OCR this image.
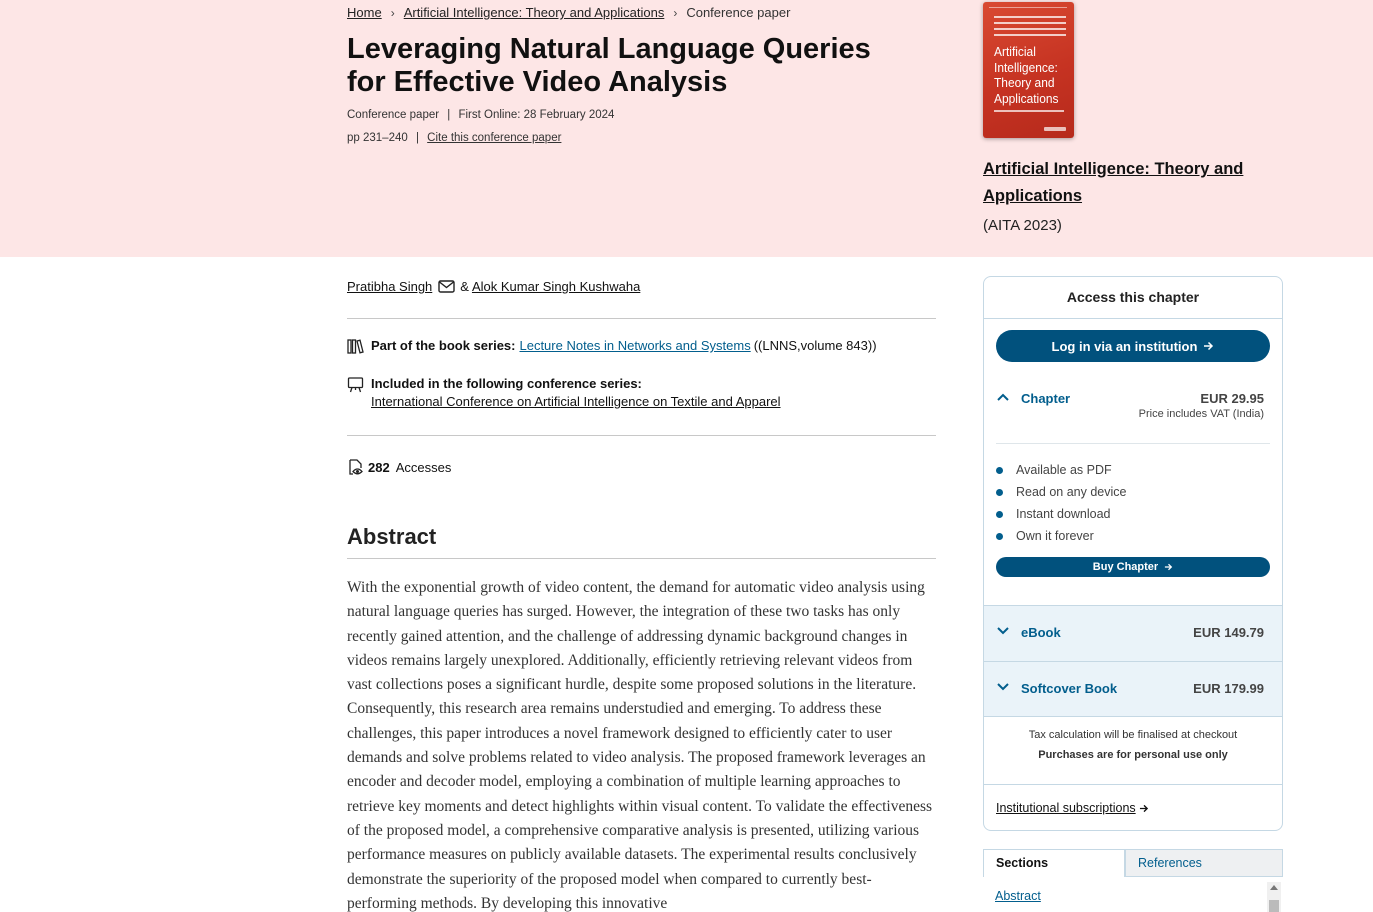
Home › Artificial Intelligence: Theory and Applications › Conference paper
Leveraging Natural Language Queries for Effective Video Analysis
Conference paper | First Online: 28 February 2024
pp 231–240 | Cite this conference paper
Artificial Intelligence: Theory and Applications
Artificial Intelligence: Theory and Applications
(AITA 2023)
Pratibha Singh & Alok Kumar Singh Kushwaha
Part of the book series: Lecture Notes in Networks and Systems ((LNNS,volume 843))
Included in the following conference series:
International Conference on Artificial Intelligence on Textile and Apparel
282 Accesses
Abstract

With the exponential growth of video content, the demand for automatic video analysis using natural language queries has surged. However, the integration of these two tasks has only recently gained attention, and the challenge of addressing dynamic background changes in videos remains largely unexplored. Additionally, efficiently retrieving relevant videos from vast collections poses a significant hurdle, despite some proposed solutions in the literature. Consequently, this research area remains understudied and emerging. To address these challenges, this paper introduces a novel framework designed to efficiently cater to user demands and solve problems related to video analysis. The proposed framework leverages an encoder and decoder model, employing a combination of multiple learning approaches to retrieve key moments and detect highlights within visual content. To validate the effectiveness of the proposed model, a comprehensive comparative analysis is presented, utilizing various performance measures on publicly available datasets. The experimental results conclusively demonstrate the superiority of the proposed model when compared to currently best-performing methods. By developing this innovative

Access this chapter
Log in via an institution
Chapter	EUR 29.95
Price includes VAT (India)
Available as PDF
Read on any device
Instant download
Own it forever
Buy Chapter
eBook	EUR 149.79
Softcover Book	EUR 179.99
Tax calculation will be finalised at checkout
Purchases are for personal use only
Institutional subscriptions
Sections	References
Abstract
